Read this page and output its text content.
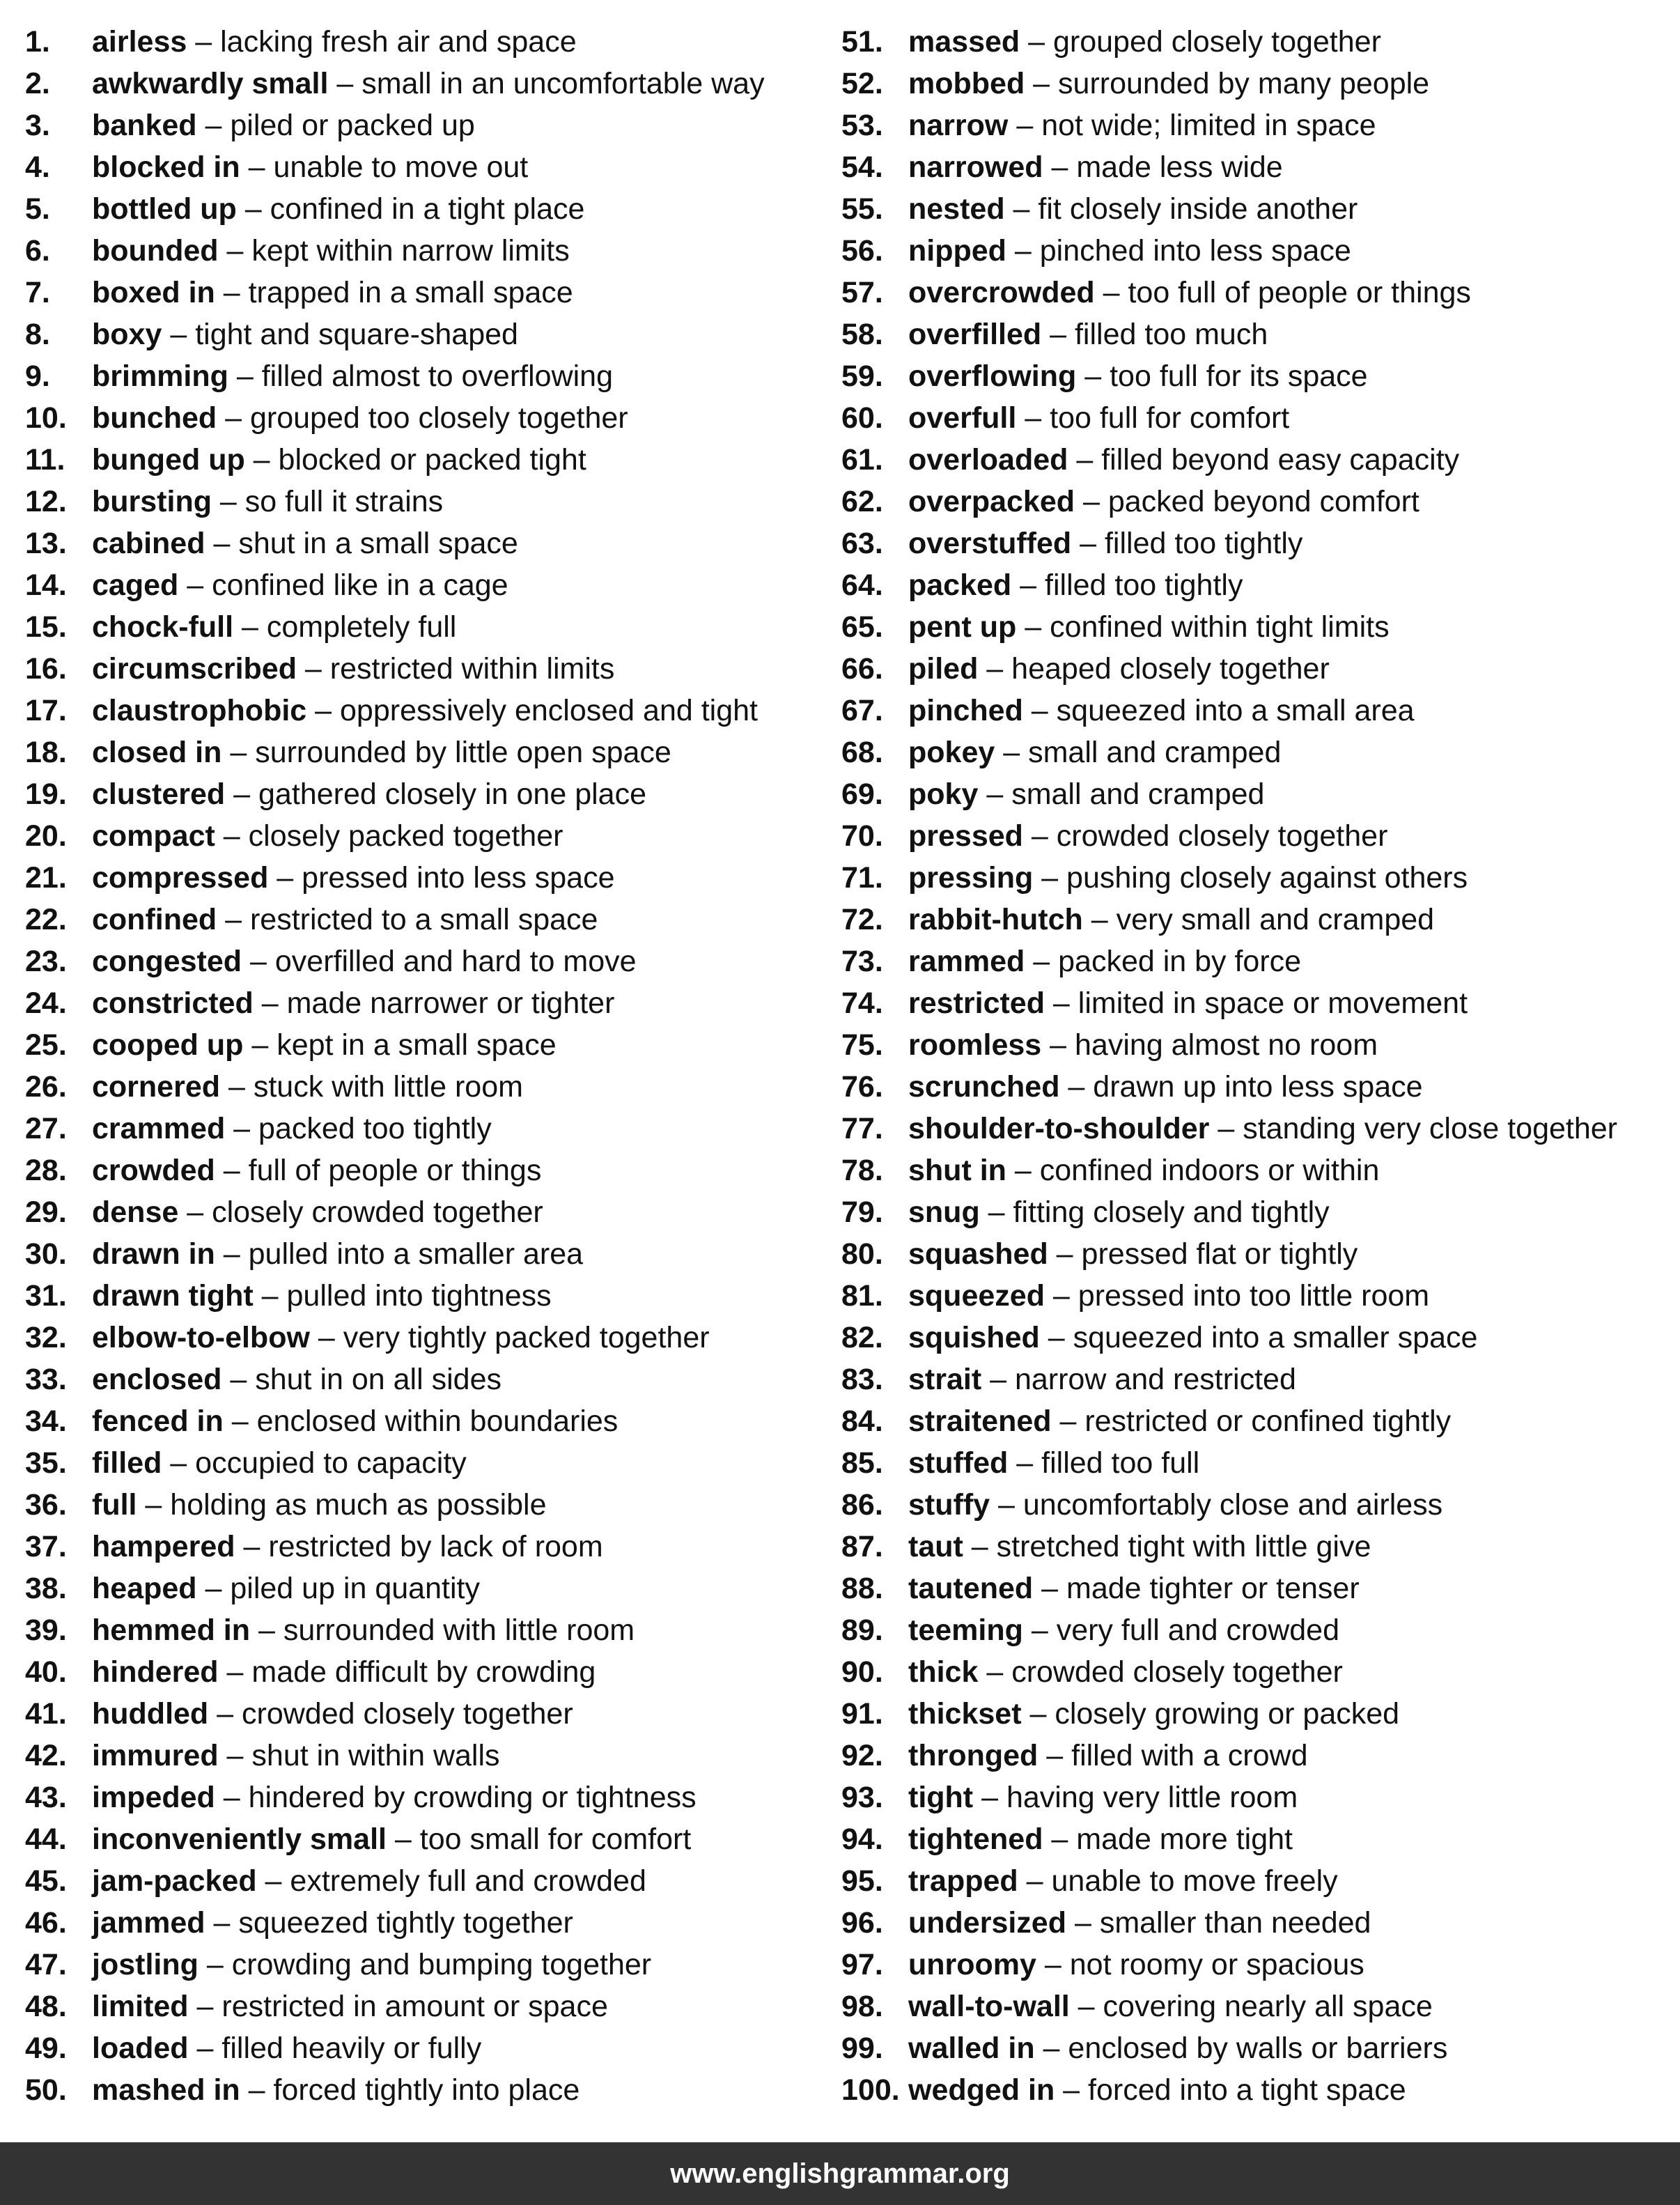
1. airless – lacking fresh air and space
2. awkwardly small – small in an uncomfortable way
3. banked – piled or packed up
4. blocked in – unable to move out
5. bottled up – confined in a tight place
6. bounded – kept within narrow limits
7. boxed in – trapped in a small space
8. boxy – tight and square-shaped
9. brimming – filled almost to overflowing
10. bunched – grouped too closely together
11. bunged up – blocked or packed tight
12. bursting – so full it strains
13. cabined – shut in a small space
14. caged – confined like in a cage
15. chock-full – completely full
16. circumscribed – restricted within limits
17. claustrophobic – oppressively enclosed and tight
18. closed in – surrounded by little open space
19. clustered – gathered closely in one place
20. compact – closely packed together
21. compressed – pressed into less space
22. confined – restricted to a small space
23. congested – overfilled and hard to move
24. constricted – made narrower or tighter
25. cooped up – kept in a small space
26. cornered – stuck with little room
27. crammed – packed too tightly
28. crowded – full of people or things
29. dense – closely crowded together
30. drawn in – pulled into a smaller area
31. drawn tight – pulled into tightness
32. elbow-to-elbow – very tightly packed together
33. enclosed – shut in on all sides
34. fenced in – enclosed within boundaries
35. filled – occupied to capacity
36. full – holding as much as possible
37. hampered – restricted by lack of room
38. heaped – piled up in quantity
39. hemmed in – surrounded with little room
40. hindered – made difficult by crowding
41. huddled – crowded closely together
42. immured – shut in within walls
43. impeded – hindered by crowding or tightness
44. inconveniently small – too small for comfort
45. jam-packed – extremely full and crowded
46. jammed – squeezed tightly together
47. jostling – crowding and bumping together
48. limited – restricted in amount or space
49. loaded – filled heavily or fully
50. mashed in – forced tightly into place
51. massed – grouped closely together
52. mobbed – surrounded by many people
53. narrow – not wide; limited in space
54. narrowed – made less wide
55. nested – fit closely inside another
56. nipped – pinched into less space
57. overcrowded – too full of people or things
58. overfilled – filled too much
59. overflowing – too full for its space
60. overfull – too full for comfort
61. overloaded – filled beyond easy capacity
62. overpacked – packed beyond comfort
63. overstuffed – filled too tightly
64. packed – filled too tightly
65. pent up – confined within tight limits
66. piled – heaped closely together
67. pinched – squeezed into a small area
68. pokey – small and cramped
69. poky – small and cramped
70. pressed – crowded closely together
71. pressing – pushing closely against others
72. rabbit-hutch – very small and cramped
73. rammed – packed in by force
74. restricted – limited in space or movement
75. roomless – having almost no room
76. scrunched – drawn up into less space
77. shoulder-to-shoulder – standing very close together
78. shut in – confined indoors or within
79. snug – fitting closely and tightly
80. squashed – pressed flat or tightly
81. squeezed – pressed into too little room
82. squished – squeezed into a smaller space
83. strait – narrow and restricted
84. straitened – restricted or confined tightly
85. stuffed – filled too full
86. stuffy – uncomfortably close and airless
87. taut – stretched tight with little give
88. tautened – made tighter or tenser
89. teeming – very full and crowded
90. thick – crowded closely together
91. thickset – closely growing or packed
92. thronged – filled with a crowd
93. tight – having very little room
94. tightened – made more tight
95. trapped – unable to move freely
96. undersized – smaller than needed
97. unroomy – not roomy or spacious
98. wall-to-wall – covering nearly all space
99. walled in – enclosed by walls or barriers
100. wedged in – forced into a tight space
www.englishgrammar.org
